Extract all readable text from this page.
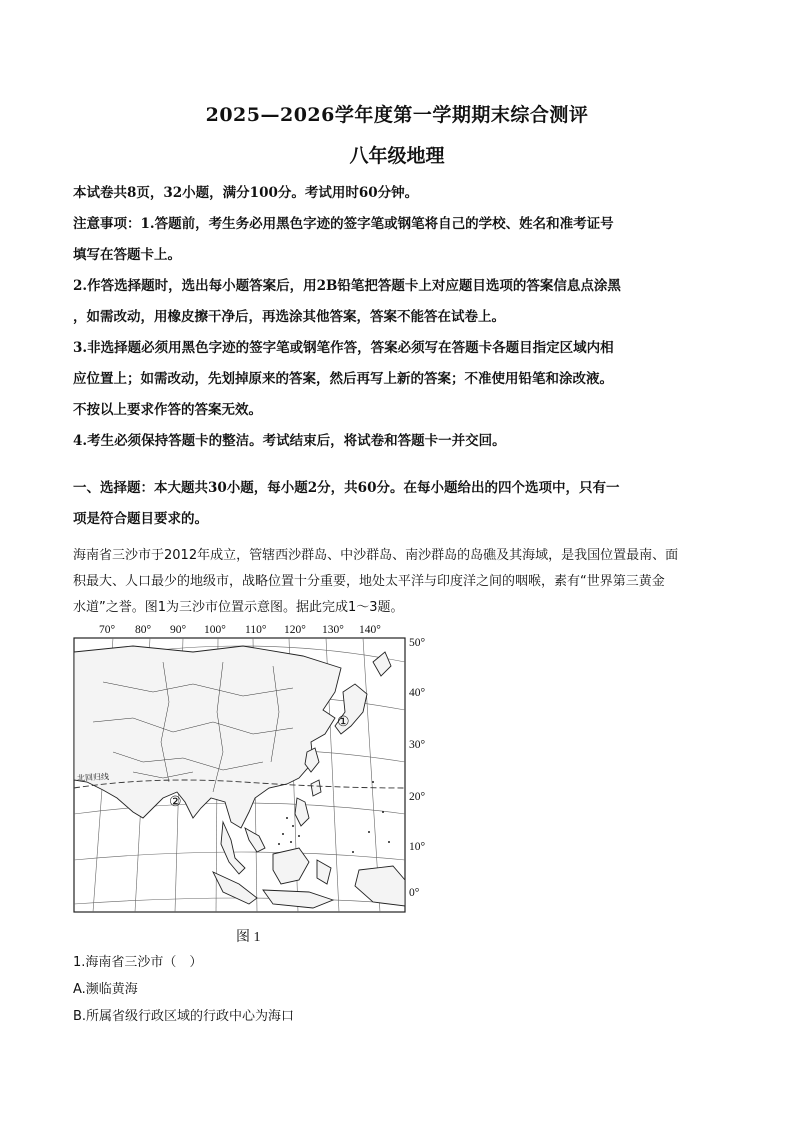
2025—2026学年度第一学期期末综合测评
八年级地理
本试卷共8页，32小题，满分100分。考试用时60分钟。
注意事项：1.答题前，考生务必用黑色字迹的签字笔或钢笔将自己的学校、姓名和准考证号
填写在答题卡上。
2.作答选择题时，选出每小题答案后，用2B铅笔把答题卡上对应题目选项的答案信息点涂黑
，如需改动，用橡皮擦干净后，再选涂其他答案，答案不能答在试卷上。
3.非选择题必须用黑色字迹的签字笔或钢笔作答，答案必须写在答题卡各题目指定区域内相
应位置上；如需改动，先划掉原来的答案，然后再写上新的答案；不准使用铅笔和涂改液。
不按以上要求作答的答案无效。
4.考生必须保持答题卡的整洁。考试结束后，将试卷和答题卡一并交回。
一、选择题：本大题共30小题，每小题2分，共60分。在每小题给出的四个选项中，只有一
项是符合题目要求的。
海南省三沙市于2012年成立，管辖西沙群岛、中沙群岛、南沙群岛的岛礁及其海域，是我国位置最南、面
积最大、人口最少的地级市，战略位置十分重要，地处太平洋与印度洋之间的咽喉，素有“世界第三黄金
水道”之誉。图1为三沙市位置示意图。据此完成1～3题。
70° 80° 90° 100° 110° 120° 130° 140°
50°
40°
30°
20°
10°
0°
北回归线
①
②
图 1
1.海南省三沙市（　）
A.濒临黄海
B.所属省级行政区域的行政中心为海口
